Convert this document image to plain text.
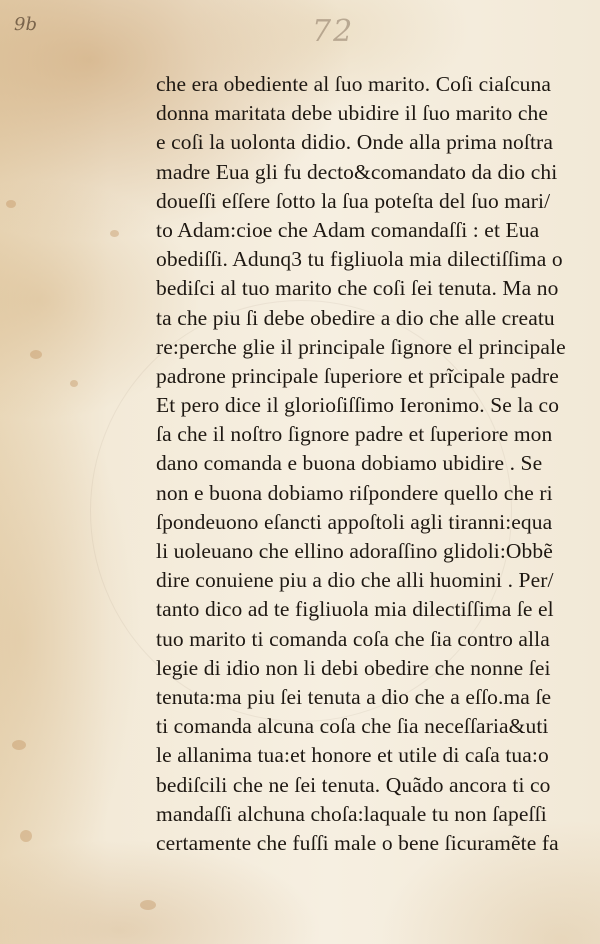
9b	72
che era obediente al ſuo marito. Coſi ciaſcuna
donna maritata debe ubidire il ſuo marito che
e coſi la uolonta didio. Onde alla prima noſtra
madre Eua gli fu decto&comandato da dio chi
doueſſi eſſere ſotto la ſua poteſta del ſuo mari/
to Adam:cioe che Adam comandaſſi : et Eua
obediſſi. Adunq3 tu figliuola mia dilectiſſima o
bediſci al tuo marito che coſi ſei tenuta. Ma no
ta che piu ſi debe obedire a dio che alle creatu
re:perche glie il principale ſignore el principale
padrone principale ſuperiore et prĩcipale padre
Et pero dice il glorioſiſſimo Ieronimo. Se la co
ſa che il noſtro ſignore padre et ſuperiore mon
dano comanda e buona dobiamo ubidire . Se
non e buona dobiamo riſpondere quello che ri
ſpondeuono eſancti appoſtoli agli tiranni:equa
li uoleuano che ellino adoraſſino glidoli:Obbẽ
dire conuiene piu a dio che alli huomini . Per/
tanto dico ad te figliuola mia dilectiſſima ſe el
tuo marito ti comanda coſa che ſia contro alla
legie di idio non li debi obedire che nonne ſei
tenuta:ma piu ſei tenuta a dio che a eſſo.ma ſe
ti comanda alcuna coſa che ſia neceſſaria&uti
le allanima tua:et honore et utile di caſa tua:o
bediſcili che ne ſei tenuta. Quãdo ancora ti co
mandaſſi alchuna choſa:laquale tu non ſapeſſi
certamente che fuſſi male o bene ſicuramẽte fa
